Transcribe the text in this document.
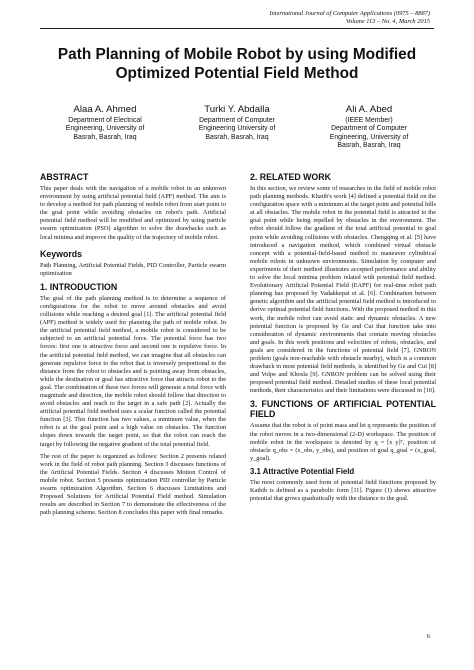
International Journal of Computer Applications (0975 – 8887)
Volume 113 – No. 4, March 2015
Path Planning of Mobile Robot by using Modified
Optimized Potential Field Method
Alaa A. Ahmed
Department of Electrical
Engineering, University of
Basrah, Basrah, Iraq
Turki Y. Abdalla
Department of Computer
Engineering University of
Basrah, Basrah, Iraq
Ali A. Abed
(IEEE Member)
Department of Computer
Engineering, University of
Basrah, Basrah, Iraq
ABSTRACT

This paper deals with the navigation of a mobile robot in an unknown environment by using artificial potential field (APF) method. The aim is to develop a method for path planning of mobile robot from start point to the goal point while avoiding obstacles on robot's path. Artificial potential field method will be modified and optimized by using particle swarm optimization (PSO) algorithm to solve the drawbacks such as local minima and improve the quality of the trajectory of mobile robot.

Keywords

Path Planning, Artificial Potential Fields, PID Controller, Particle swarm optimization

1. INTRODUCTION

The goal of the path planning method is to determine a sequence of configurations for the robot to move around obstacles and avoid collisions while reaching a desired goal [1]. The artificial potential field (APF) method is widely used for planning the path of mobile robot. In the artificial potential field method, a mobile robot is considered to be subjected to an artificial potential force. The potential force has two forces: first one is attractive force and second one is repulsive force. In the artificial potential field method, we can imagine that all obstacles can generate repulsive force to the robot that is inversely proportional to the distance from the robot to obstacles and is pointing away from obstacles, while the destination or goal has attractive force that attracts robot to the goal. The combination of these two forces will generate a total force with magnitude and direction, the mobile robot should follow that direction to avoid obstacles and reach to the target in a safe path [2]. Actually the artificial potential field method uses a scalar function called the potential function [3]. This function has two values, a minimum value, when the robot is at the goal point and a high value on obstacles. The function slopes down towards the target point, so that the robot can reach the target by following the negative gradient of the total potential field.

The rest of the paper is organized as follows: Section 2 presents related work in the field of robot path planning. Section 3 discusses functions of the Artificial Potential Fields. Section 4 discusses Motion Control of mobile robot. Section 5 presents optimization PID controller by Particle swarm optimization Algorithm. Section 6 discusses Limitations and Proposed Solutions for Artificial Potential Field method. Simulation results are described in Section 7 to demonstrate the effectiveness of the path planning scheme. Section 8 concludes this paper with final remarks.

2. RELATED WORK

In this section, we review some of researches in the field of mobile robot path planning methods. Khatib's work [4] defined a potential field on the configuration space with a minimum at the target point and potential hills at all obstacles. The mobile robot in the potential field is attracted to the goal point while being repelled by obstacles in the environment. The robot should follow the gradient of the total artificial potential to goal point while avoiding collisions with obstacles. Chengqing et al. [5] have introduced a navigation method, which combined virtual obstacle concept with a potential-field-based method to maneuver cylindrical mobile robots in unknown environments. Simulation by computer and experiments of their method illustrates accepted performance and ability to solve the local minima problem related with potential field method. Evolutionary Artificial Potential Field (EAPF) for real-time robot path planning has proposed by Vadakkepat et al. [6]. Combination between genetic algorithm and the artificial potential field method is introduced to derive optimal potential field functions. With the proposed method in this work, the mobile robot can avoid static and dynamic obstacles. A new potential function is proposed by Ge and Cui that function take into consideration of dynamic environments that contain moving obstacles and goals. In this work positions and velocities of robots, obstacles, and goals are considered in the functions of potential field [7]. GNRON problem (goals non-reachable with obstacle nearby), which is a common drawback in most potential field methods, is identified by Ge and Cui [8] and Volpe and Khosla [9]. GNRON problem can be solved using their proposed potential field method. Detailed studies of these local potential methods, their characteristics and their limitations were discussed in [10].

3. FUNCTIONS OF ARTIFICIAL POTENTIAL FIELD

Assume that the robot is of point mass and let q represents the position of the robot moves in a two-dimensional (2-D) workspace. The position of mobile robot in the workspace is denoted by q = [x y]ᵀ, position of obstacle q_obs = (x_obs, y_obs), and position of goal q_goal = (x_goal, y_goal).

3.1 Attractive Potential Field

The most commonly used form of potential field functions proposed by Kathib is defined as a parabolic form [11]. Figure (1) shows attractive potential that grows quadratically with the distance to the goal.

6
